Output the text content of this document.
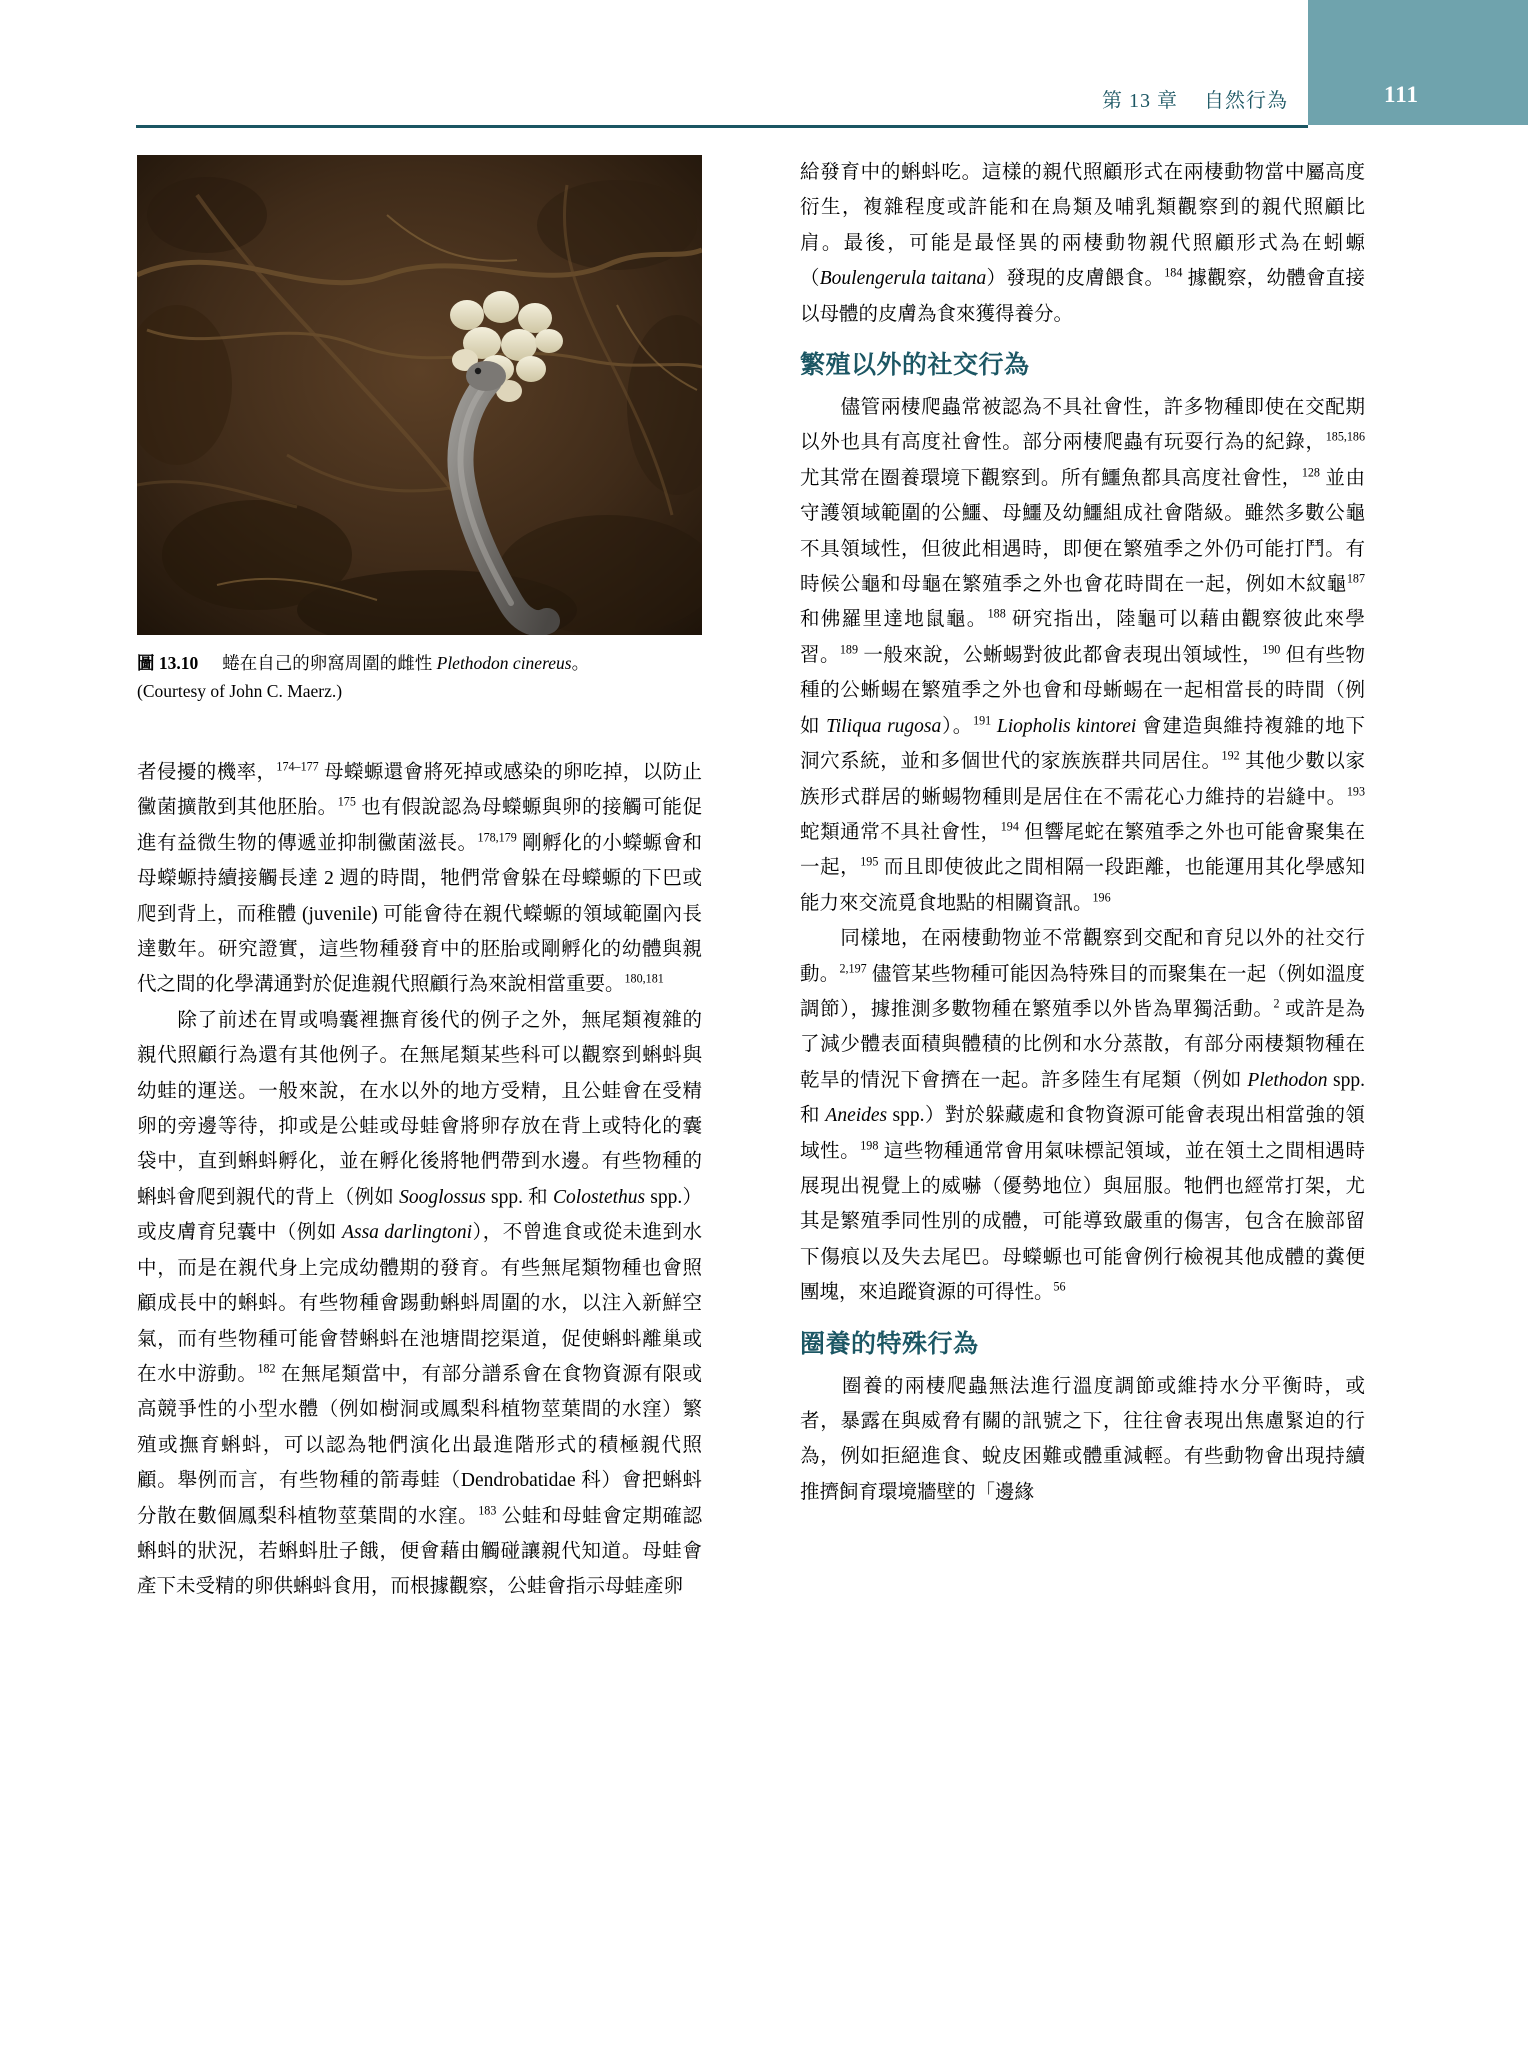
第 13 章 自然行為	111
圖 13.10 蜷在自己的卵窩周圍的雌性 Plethodon cinereus。
(Courtesy of John C. Maerz.)

者侵擾的機率，$^{174-177}$ 母蠑螈還會將死掉或感染的卵吃掉，以防止黴菌擴散到其他胚胎。$^{175}$ 也有假說認為母蠑螈與卵的接觸可能促進有益微生物的傳遞並抑制黴菌滋長。$^{178,179}$ 剛孵化的小蠑螈會和母蠑螈持續接觸長達 2 週的時間，牠們常會躲在母蠑螈的下巴或爬到背上，而稚體 (juvenile) 可能會待在親代蠑螈的領域範圍內長達數年。研究證實，這些物種發育中的胚胎或剛孵化的幼體與親代之間的化學溝通對於促進親代照顧行為來說相當重要。$^{180,181}$

　　除了前述在胃或鳴囊裡撫育後代的例子之外，無尾類複雜的親代照顧行為還有其他例子。在無尾類某些科可以觀察到蝌蚪與幼蛙的運送。一般來說，在水以外的地方受精，且公蛙會在受精卵的旁邊等待，抑或是公蛙或母蛙會將卵存放在背上或特化的囊袋中，直到蝌蚪孵化，並在孵化後將牠們帶到水邊。有些物種的蝌蚪會爬到親代的背上（例如 Sooglossus spp. 和 Colostethus spp.）或皮膚育兒囊中（例如 Assa darlingtoni），不曾進食或從未進到水中，而是在親代身上完成幼體期的發育。有些無尾類物種也會照顧成長中的蝌蚪。有些物種會踢動蝌蚪周圍的水，以注入新鮮空氣，而有些物種可能會替蝌蚪在池塘間挖渠道，促使蝌蚪離巢或在水中游動。$^{182}$ 在無尾類當中，有部分譜系會在食物資源有限或高競爭性的小型水體（例如樹洞或鳳梨科植物莖葉間的水窪）繁殖或撫育蝌蚪，可以認為牠們演化出最進階形式的積極親代照顧。舉例而言，有些物種的箭毒蛙（Dendrobatidae 科）會把蝌蚪分散在數個鳳梨科植物莖葉間的水窪。$^{183}$ 公蛙和母蛙會定期確認蝌蚪的狀況，若蝌蚪肚子餓，便會藉由觸碰讓親代知道。母蛙會產下未受精的卵供蝌蚪食用，而根據觀察，公蛙會指示母蛙產卵

給發育中的蝌蚪吃。這樣的親代照顧形式在兩棲動物當中屬高度衍生，複雜程度或許能和在鳥類及哺乳類觀察到的親代照顧比肩。最後，可能是最怪異的兩棲動物親代照顧形式為在蚓螈（Boulengerula taitana）發現的皮膚餵食。$^{184}$ 據觀察，幼體會直接以母體的皮膚為食來獲得養分。

繁殖以外的社交行為

　　儘管兩棲爬蟲常被認為不具社會性，許多物種即使在交配期以外也具有高度社會性。部分兩棲爬蟲有玩耍行為的紀錄，$^{185,186}$ 尤其常在圈養環境下觀察到。所有鱷魚都具高度社會性，$^{128}$ 並由守護領域範圍的公鱷、母鱷及幼鱷組成社會階級。雖然多數公龜不具領域性，但彼此相遇時，即便在繁殖季之外仍可能打鬥。有時候公龜和母龜在繁殖季之外也會花時間在一起，例如木紋龜$^{187}$ 和佛羅里達地鼠龜。$^{188}$ 研究指出，陸龜可以藉由觀察彼此來學習。$^{189}$ 一般來說，公蜥蜴對彼此都會表現出領域性，$^{190}$ 但有些物種的公蜥蜴在繁殖季之外也會和母蜥蜴在一起相當長的時間（例如 Tiliqua rugosa）。$^{191}$ Liopholis kintorei 會建造與維持複雜的地下洞穴系統，並和多個世代的家族族群共同居住。$^{192}$ 其他少數以家族形式群居的蜥蜴物種則是居住在不需花心力維持的岩縫中。$^{193}$ 蛇類通常不具社會性，$^{194}$ 但響尾蛇在繁殖季之外也可能會聚集在一起，$^{195}$ 而且即使彼此之間相隔一段距離，也能運用其化學感知能力來交流覓食地點的相關資訊。$^{196}$

　　同樣地，在兩棲動物並不常觀察到交配和育兒以外的社交行動。$^{2,197}$ 儘管某些物種可能因為特殊目的而聚集在一起（例如溫度調節），據推測多數物種在繁殖季以外皆為單獨活動。$^2$ 或許是為了減少體表面積與體積的比例和水分蒸散，有部分兩棲類物種在乾旱的情況下會擠在一起。許多陸生有尾類（例如 Plethodon spp. 和 Aneides spp.）對於躲藏處和食物資源可能會表現出相當強的領域性。$^{198}$ 這些物種通常會用氣味標記領域，並在領土之間相遇時展現出視覺上的威嚇（優勢地位）與屈服。牠們也經常打架，尤其是繁殖季同性別的成體，可能導致嚴重的傷害，包含在臉部留下傷痕以及失去尾巴。母蠑螈也可能會例行檢視其他成體的糞便團塊，來追蹤資源的可得性。$^{56}$

圈養的特殊行為

　　圈養的兩棲爬蟲無法進行溫度調節或維持水分平衡時，或者，暴露在與威脅有關的訊號之下，往往會表現出焦慮緊迫的行為，例如拒絕進食、蛻皮困難或體重減輕。有些動物會出現持續推擠飼育環境牆壁的「邊緣
